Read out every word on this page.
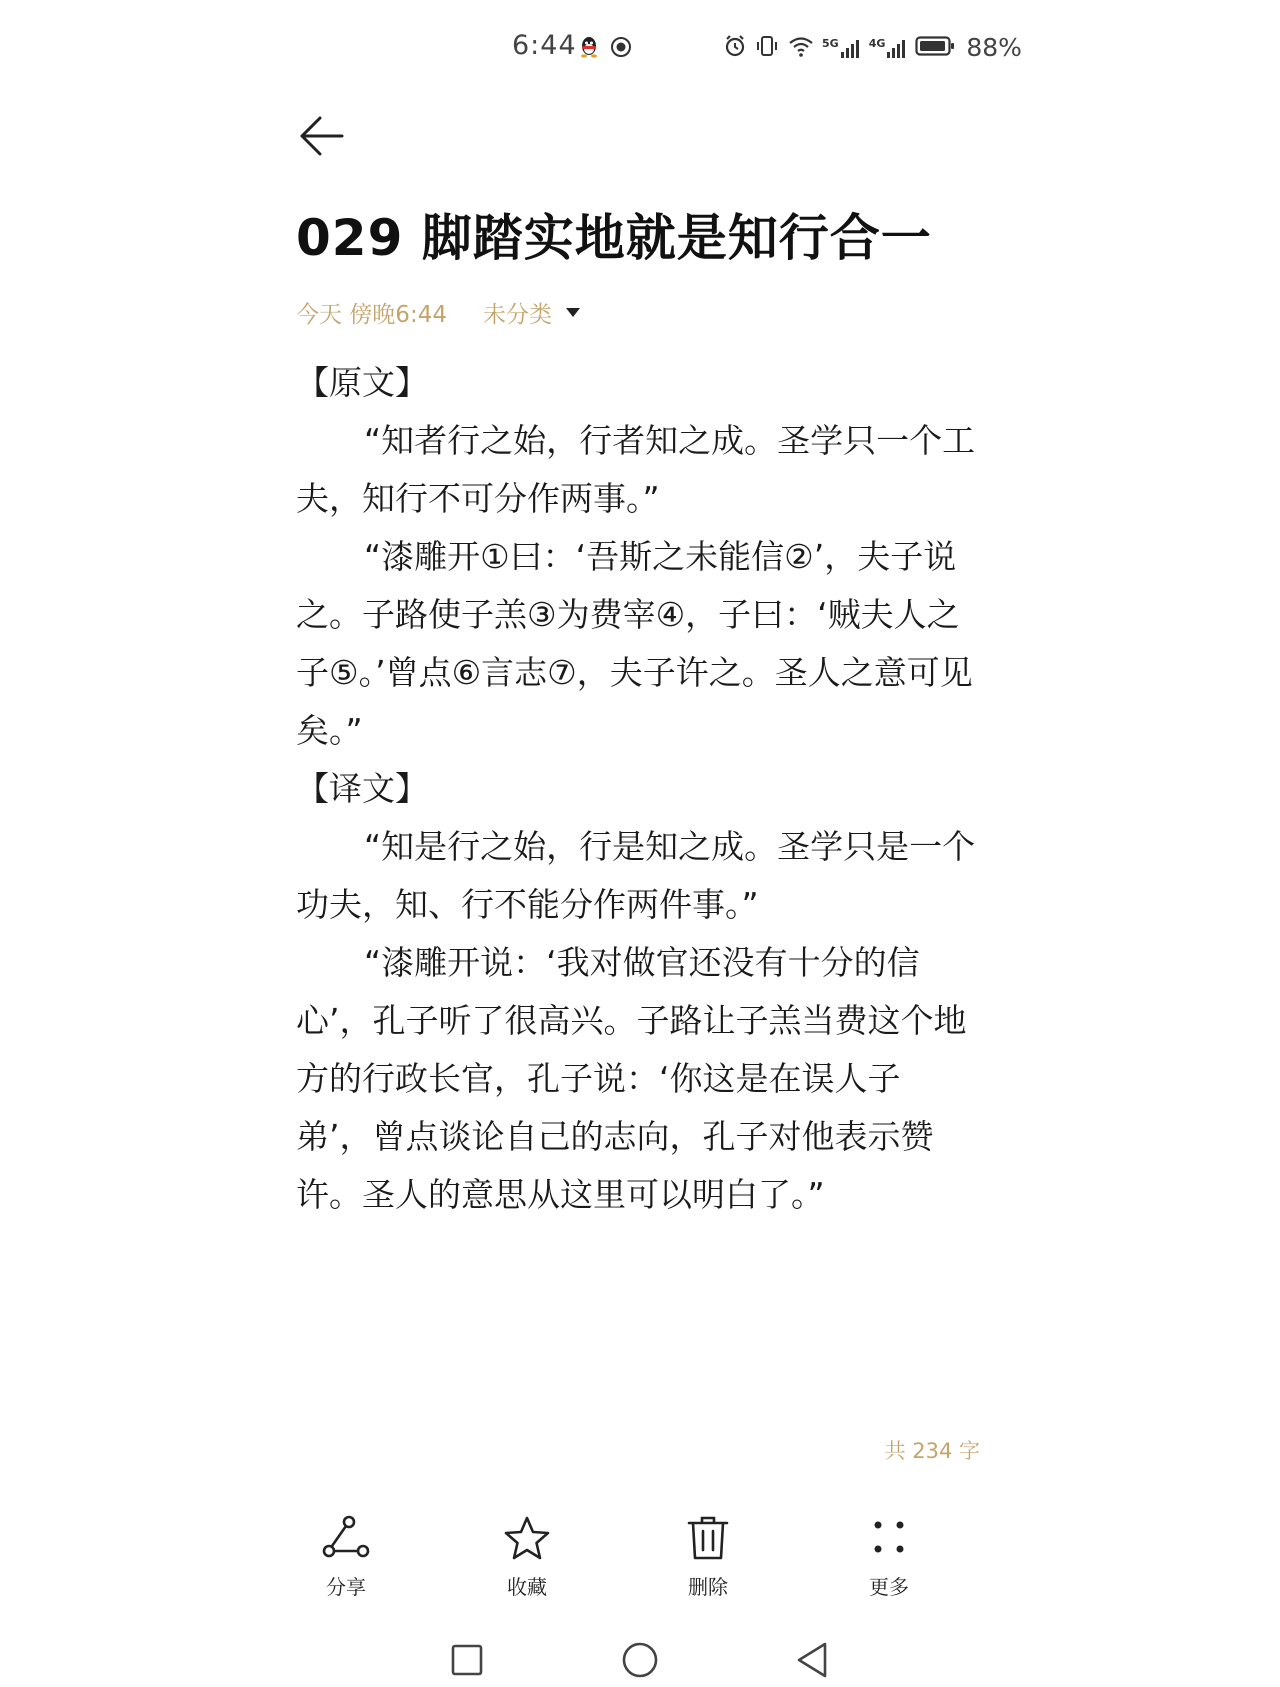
6:44	5G	4G	88%
029 脚踏实地就是知行合一
今天 傍晚6:44 未分类

【原文】

“知者行之始，行者知之成。圣学只一个工夫，知行不可分作两事。”

“漆雕开①曰：‘吾斯之未能信②’，夫子说之。子路使子羔③为费宰④，子曰：‘贼夫人之子⑤。’曾点⑥言志⑦，夫子许之。圣人之意可见矣。”

【译文】

“知是行之始，行是知之成。圣学只是一个功夫，知、行不能分作两件事。”

“漆雕开说：‘我对做官还没有十分的信心’，孔子听了很高兴。子路让子羔当费这个地方的行政长官，孔子说：‘你这是在误人子弟’，曾点谈论自己的志向，孔子对他表示赞许。圣人的意思从这里可以明白了。”

共 234 字
分享	收藏	删除	更多
